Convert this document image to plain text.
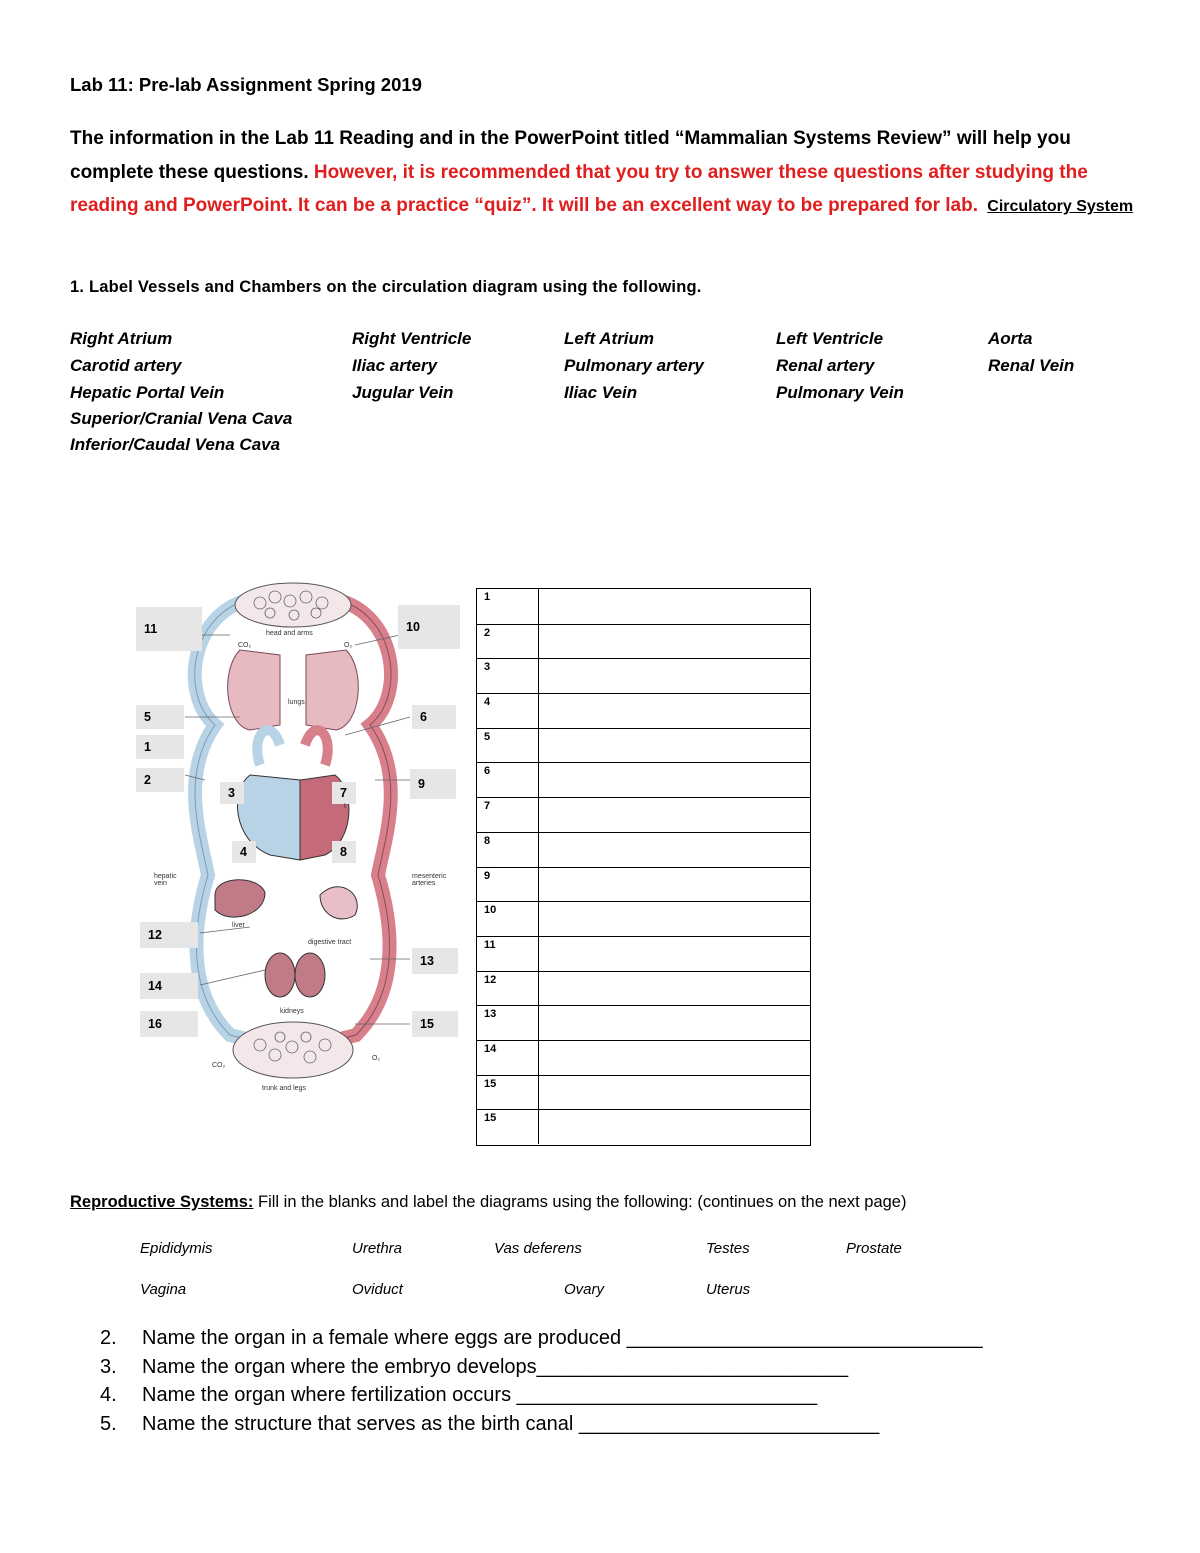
Lab 11: Pre-lab Assignment Spring 2019
The information in the Lab 11 Reading and in the PowerPoint titled “Mammalian Systems Review” will help you complete these questions. However, it is recommended that you try to answer these questions after studying the reading and PowerPoint. It can be a practice “quiz”. It will be an excellent way to be prepared for lab. Circulatory System
1. Label Vessels and Chambers on the circulation diagram using the following.
Right Atrium	Right Ventricle	Left Atrium	Left Ventricle	Aorta
Carotid artery	Iliac artery	Pulmonary artery	Renal artery	Renal Vein
Hepatic Portal Vein	Jugular Vein	Iliac Vein	Pulmonary Vein
Superior/Cranial Vena Cava
Inferior/Caudal Vena Cava
11	10
5	6
1
2	9
3	7
4	8
12
13
14
16	15
head and arms
CO₂	O₂
lungs
t
hepatic vein
mesenteric arteries
liver
digestive tract
kidneys
CO₂
O₂
trunk and legs
1
2
3
4
5
6
7
8
9
10
11
12
13
14
15
15
Reproductive Systems: Fill in the blanks and label the diagrams using the following: (continues on the next page)
Epididymis	Urethra	Vas deferens	Testes	Prostate
Vagina	Oviduct	Ovary	Uterus
2. Name the organ in a female where eggs are produced ________________________________
3. Name the organ where the embryo develops____________________________
4. Name the organ where fertilization occurs ___________________________
5. Name the structure that serves as the birth canal ___________________________
